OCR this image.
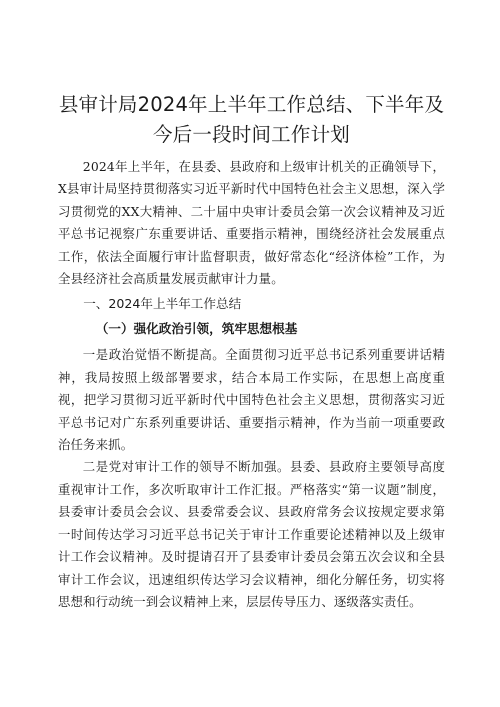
县审计局2024年上半年工作总结、下半年及
今后一段时间工作计划

2024年上半年，在县委、县政府和上级审计机关的正确领导下，X县审计局坚持贯彻落实习近平新时代中国特色社会主义思想，深入学习贯彻党的XX大精神、二十届中央审计委员会第一次会议精神及习近平总书记视察广东重要讲话、重要指示精神，围绕经济社会发展重点工作，依法全面履行审计监督职责，做好常态化“经济体检”工作，为全县经济社会高质量发展贡献审计力量。

一、2024年上半年工作总结
（一）强化政治引领，筑牢思想根基

一是政治觉悟不断提高。全面贯彻习近平总书记系列重要讲话精神，我局按照上级部署要求，结合本局工作实际，在思想上高度重视，把学习贯彻习近平新时代中国特色社会主义思想，贯彻落实习近平总书记对广东系列重要讲话、重要指示精神，作为当前一项重要政治任务来抓。

二是党对审计工作的领导不断加强。县委、县政府主要领导高度重视审计工作，多次听取审计工作汇报。严格落实“第一议题”制度，县委审计委员会会议、县委常委会议、县政府常务会议按规定要求第一时间传达学习习近平总书记关于审计工作重要论述精神以及上级审计工作会议精神。及时提请召开了县委审计委员会第五次会议和全县审计工作会议，迅速组织传达学习会议精神，细化分解任务，切实将思想和行动统一到会议精神上来，层层传导压力、逐级落实责任。
